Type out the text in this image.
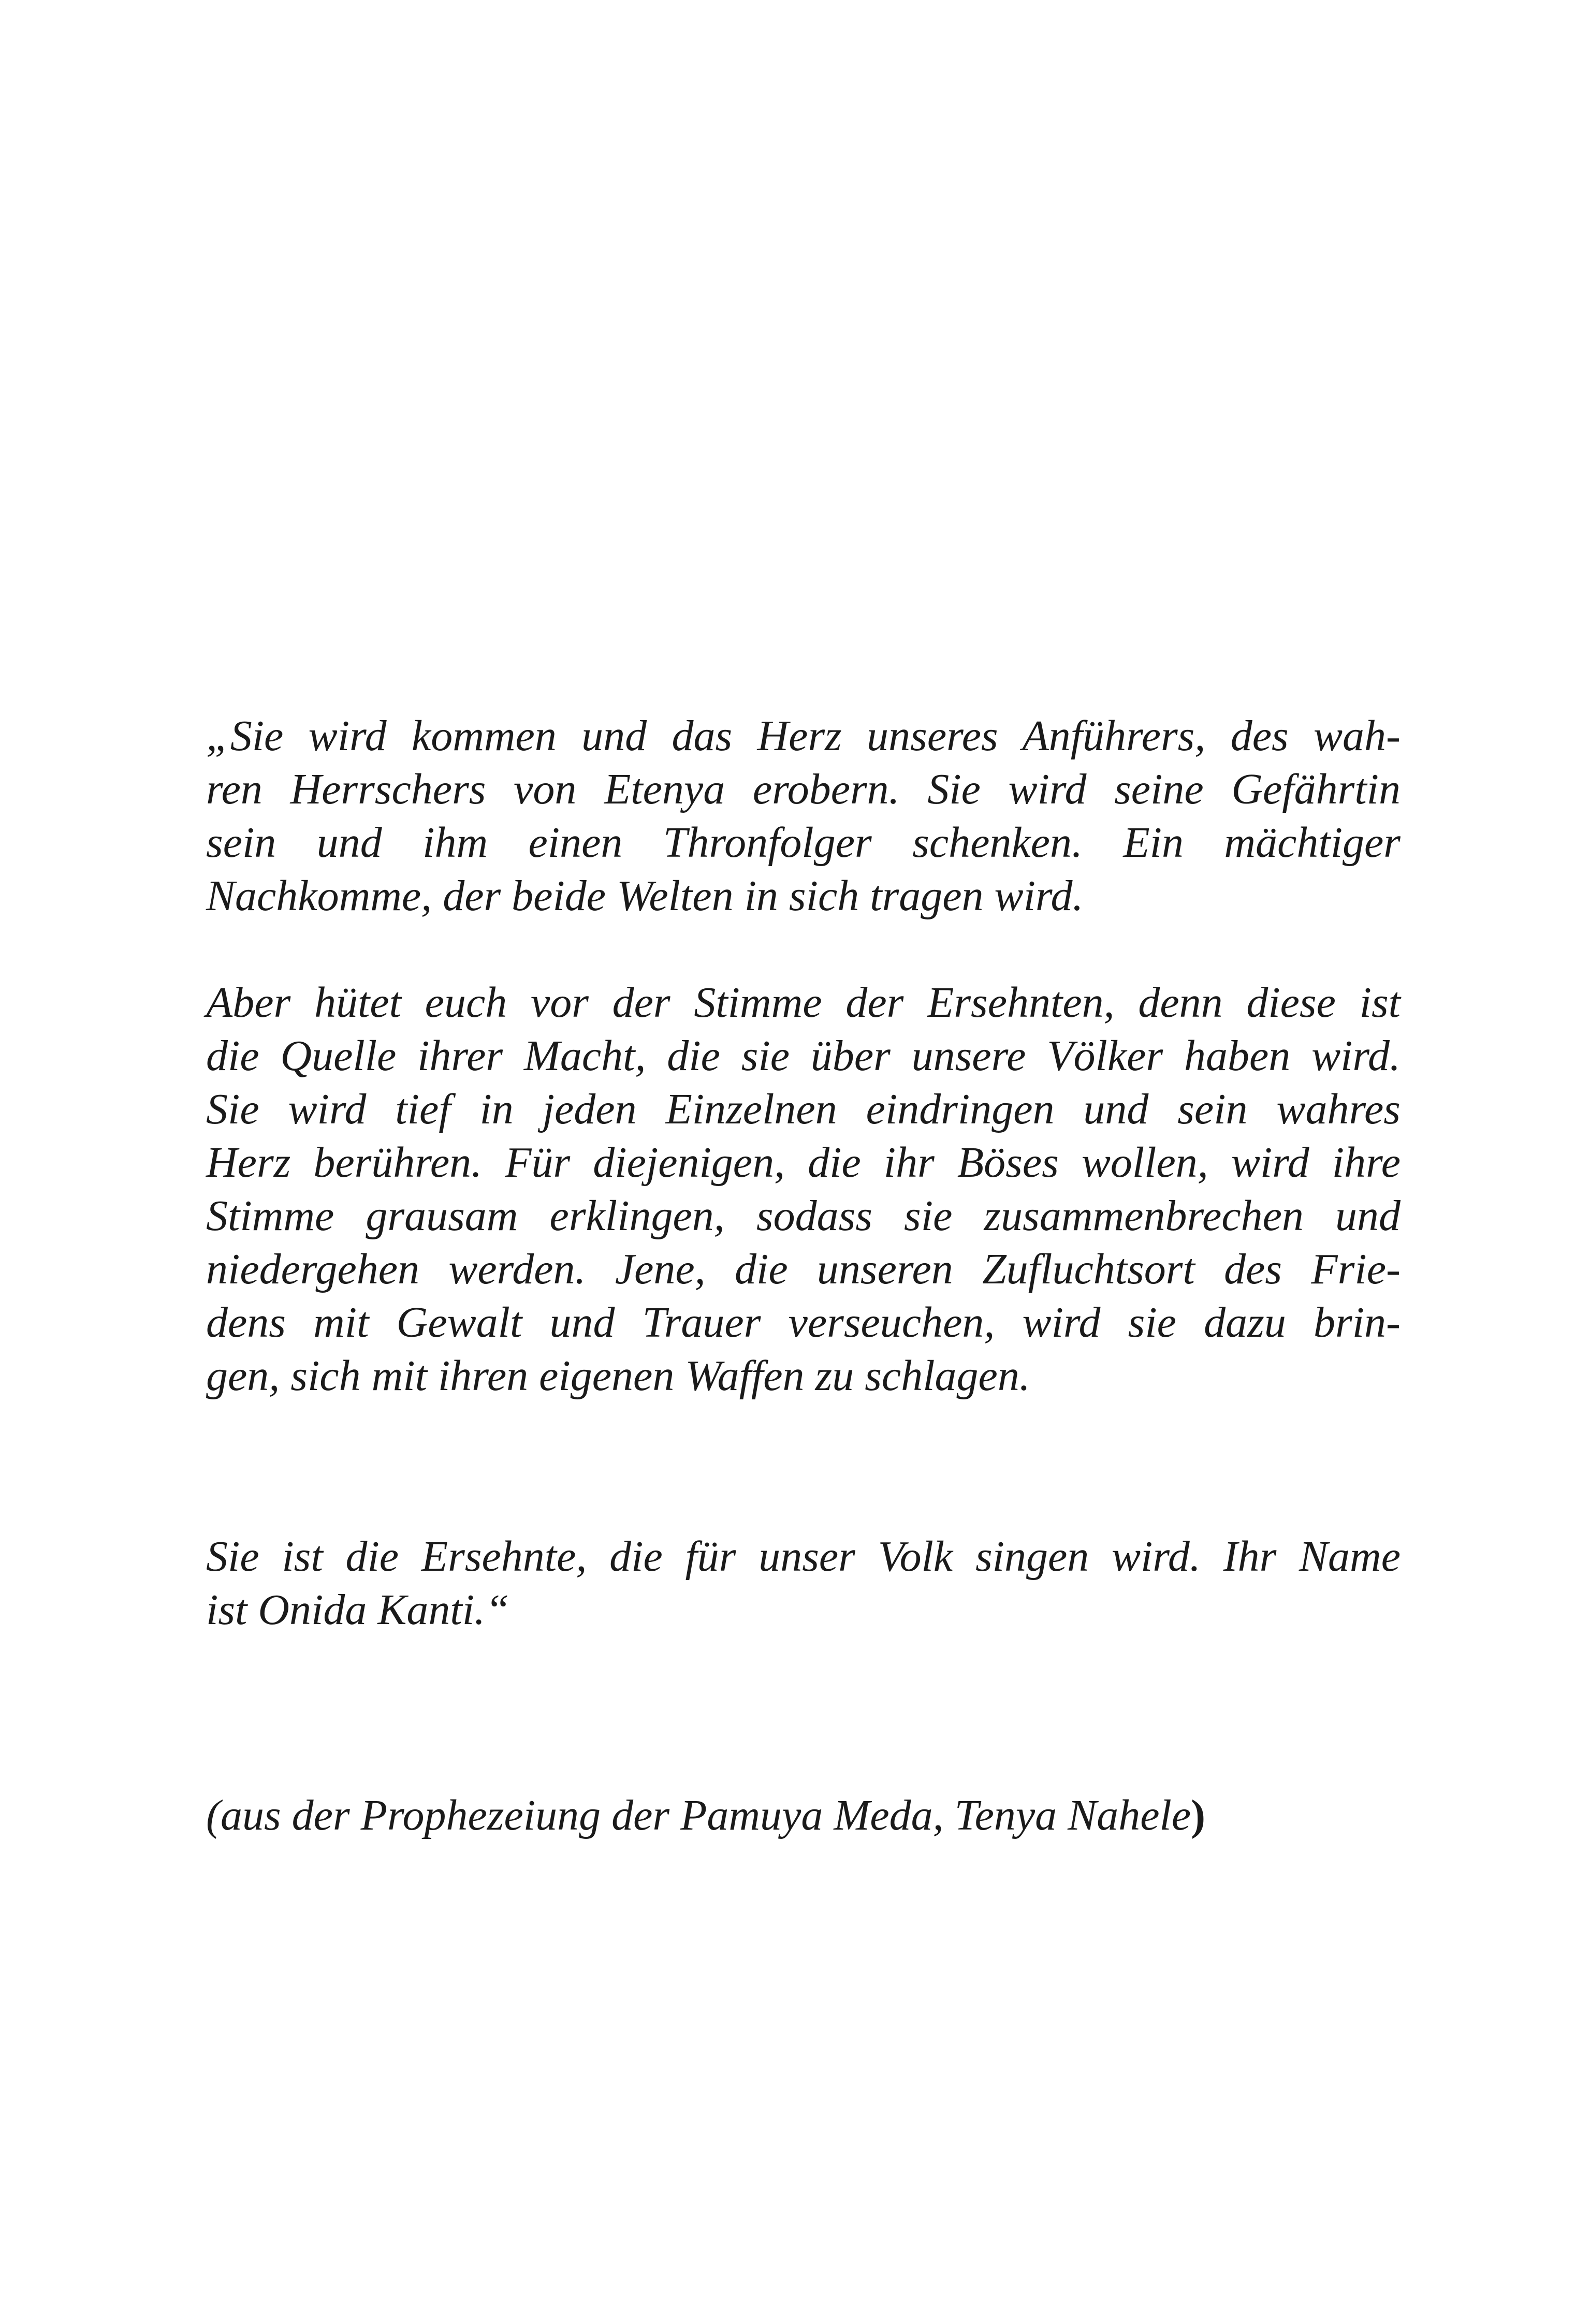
„Sie wird kommen und das Herz unseres Anführers, des wah-
ren Herrschers von Etenya erobern. Sie wird seine Gefährtin
sein und ihm einen Thronfolger schenken. Ein mächtiger
Nachkomme, der beide Welten in sich tragen wird.
Aber hütet euch vor der Stimme der Ersehnten, denn diese ist
die Quelle ihrer Macht, die sie über unsere Völker haben wird.
Sie wird tief in jeden Einzelnen eindringen und sein wahres
Herz berühren. Für diejenigen, die ihr Böses wollen, wird ihre
Stimme grausam erklingen, sodass sie zusammenbrechen und
niedergehen werden. Jene, die unseren Zufluchtsort des Frie-
dens mit Gewalt und Trauer verseuchen, wird sie dazu brin-
gen, sich mit ihren eigenen Waffen zu schlagen.
Sie ist die Ersehnte, die für unser Volk singen wird. Ihr Name
ist Onida Kanti.“
(aus der Prophezeiung der Pamuya Meda, Tenya Nahele)
